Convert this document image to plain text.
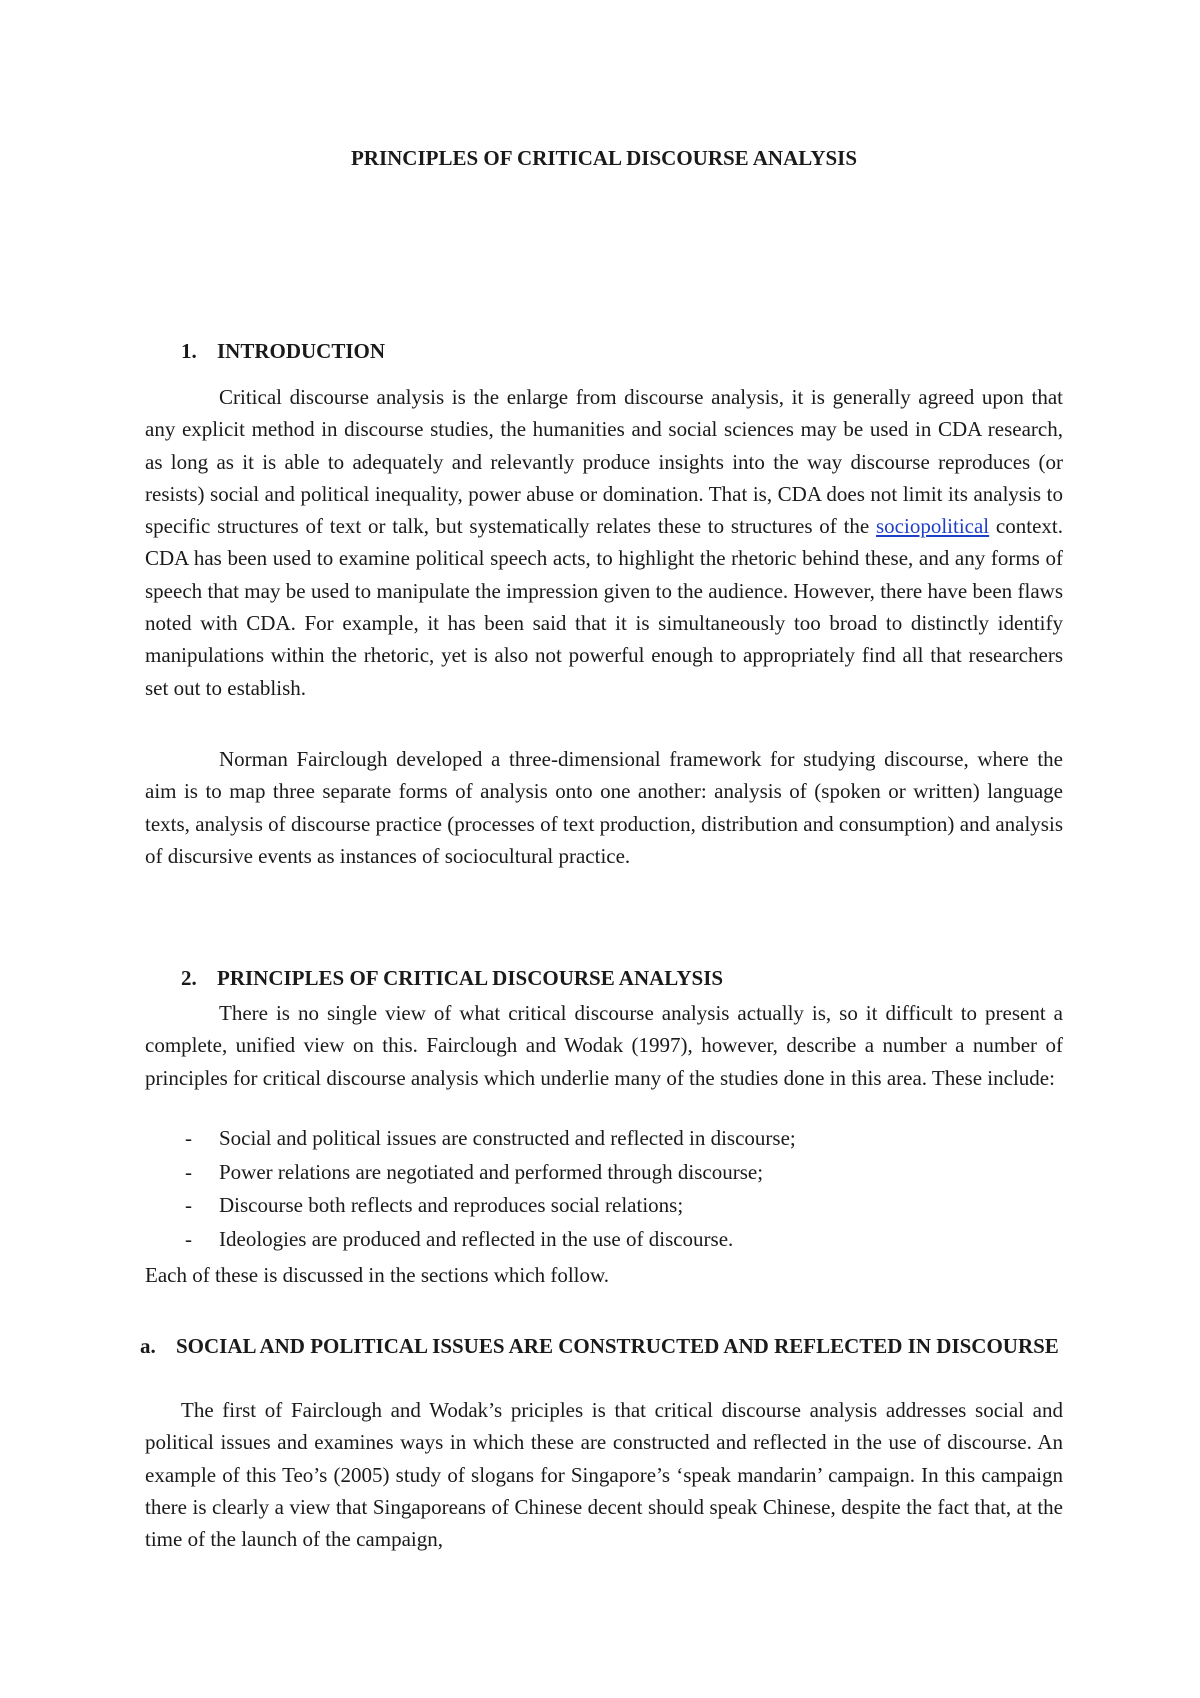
PRINCIPLES OF CRITICAL DISCOURSE ANALYSIS
1. INTRODUCTION

Critical discourse analysis is the enlarge from discourse analysis, it is generally agreed upon that any explicit method in discourse studies, the humanities and social sciences may be used in CDA research, as long as it is able to adequately and relevantly produce insights into the way discourse reproduces (or resists) social and political inequality, power abuse or domination. That is, CDA does not limit its analysis to specific structures of text or talk, but systematically relates these to structures of the sociopolitical context. CDA has been used to examine political speech acts, to highlight the rhetoric behind these, and any forms of speech that may be used to manipulate the impression given to the audience. However, there have been flaws noted with CDA. For example, it has been said that it is simultaneously too broad to distinctly identify manipulations within the rhetoric, yet is also not powerful enough to appropriately find all that researchers set out to establish.

Norman Fairclough developed a three-dimensional framework for studying discourse, where the aim is to map three separate forms of analysis onto one another: analysis of (spoken or written) language texts, analysis of discourse practice (processes of text production, distribution and consumption) and analysis of discursive events as instances of sociocultural practice.

2. PRINCIPLES OF CRITICAL DISCOURSE ANALYSIS

There is no single view of what critical discourse analysis actually is, so it difficult to present a complete, unified view on this. Fairclough and Wodak (1997), however, describe a number a number of principles for critical discourse analysis which underlie many of the studies done in this area. These include:

- Social and political issues are constructed and reflected in discourse;
- Power relations are negotiated and performed through discourse;
- Discourse both reflects and reproduces social relations;
- Ideologies are produced and reflected in the use of discourse.

Each of these is discussed in the sections which follow.

a. SOCIAL AND POLITICAL ISSUES ARE CONSTRUCTED AND REFLECTED IN DISCOURSE

The first of Fairclough and Wodak’s priciples is that critical discourse analysis addresses social and political issues and examines ways in which these are constructed and reflected in the use of discourse. An example of this Teo’s (2005) study of slogans for Singapore’s ‘speak mandarin’ campaign. In this campaign there is clearly a view that Singaporeans of Chinese decent should speak Chinese, despite the fact that, at the time of the launch of the campaign,
